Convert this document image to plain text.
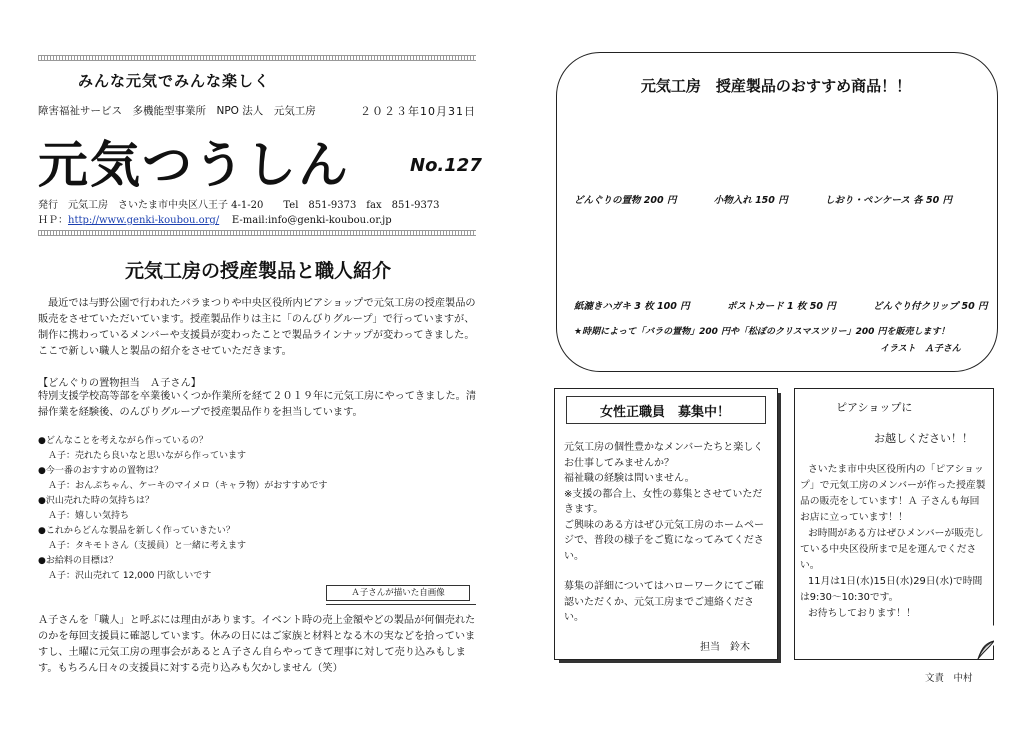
みんな元気でみんな楽しく
障害福祉サービス　多機能型事業所　NPO 法人　元気工房	２０２３年10月31日
元気つうしん	No.127
発行　元気工房　さいたま市中央区八王子 4-1-20　　Tel　851-9373　fax　851-9373
ＨＰ：http://www.genki-koubou.org/ E-mail:info@genki-koubou.or.jp
元気工房の授産製品と職人紹介
最近では与野公園で行われたバラまつりや中央区役所内ピアショップで元気工房の授産製品の販売をさせていただいています。授産製品作りは主に「のんびりグループ」で行っていますが、制作に携わっているメンバーや支援員が変わったことで製品ラインナップが変わってきました。ここで新しい職人と製品の紹介をさせていただきます。
【どんぐりの置物担当　Ａ子さん】
特別支援学校高等部を卒業後いくつか作業所を経て２０１９年に元気工房にやってきました。清掃作業を経験後、のんびりグループで授産製品作りを担当しています。
●どんなことを考えながら作っているの？
Ａ子：売れたら良いなと思いながら作っています
●今一番のおすすめの置物は？
Ａ子：おんぷちゃん、ケーキのマイメロ（キャラ物）がおすすめです
●沢山売れた時の気持ちは？
Ａ子：嬉しい気持ち
●これからどんな製品を新しく作っていきたい？
Ａ子：タキモトさん（支援員）と一緒に考えます
●お給料の目標は？
Ａ子：沢山売れて 12,000 円欲しいです
Ａ子さんが描いた自画像
Ａ子さんを「職人」と呼ぶには理由があります。イベント時の売上金額やどの製品が何個売れたのかを毎回支援員に確認しています。休みの日にはご家族と材料となる木の実などを拾っていますし、土曜に元気工房の理事会があるとＡ子さん自らやってきて理事に対して売り込みもします。もちろん日々の支援員に対する売り込みも欠かしません（笑）
元気工房　授産製品のおすすめ商品！！
どんぐりの置物 200 円	小物入れ 150 円	しおり・ペンケース 各 50 円
紙漉きハガキ 3 枚 100 円	ポストカード 1 枚 50 円	どんぐり付クリップ 50 円
★時期によって「バラの置物」200 円や「松ぼのクリスマスツリー」200 円を販売します！
イラスト　Ａ子さん
女性正職員　募集中！
元気工房の個性豊かなメンバーたちと楽しくお仕事してみませんか？
福祉職の経験は問いません。
※支援の都合上、女性の募集とさせていただきます。
ご興味のある方はぜひ元気工房のホームページで、普段の様子をご覧になってみてください。
募集の詳細についてはハローワークにてご確認いただくか、元気工房までご連絡ください。
担当　鈴木
ピアショップに
お越しください！！
さいたま市中央区役所内の「ピアショップ」で元気工房のメンバーが作った授産製品の販売をしています！Ａ 子さんも毎回お店に立っています！！
お時間がある方はぜひメンバーが販売している中央区役所まで足を運んでください。
11月は1日(水)15日(水)29日(水)で時間は9:30～10:30です。
お待ちしております！！
文責　中村
